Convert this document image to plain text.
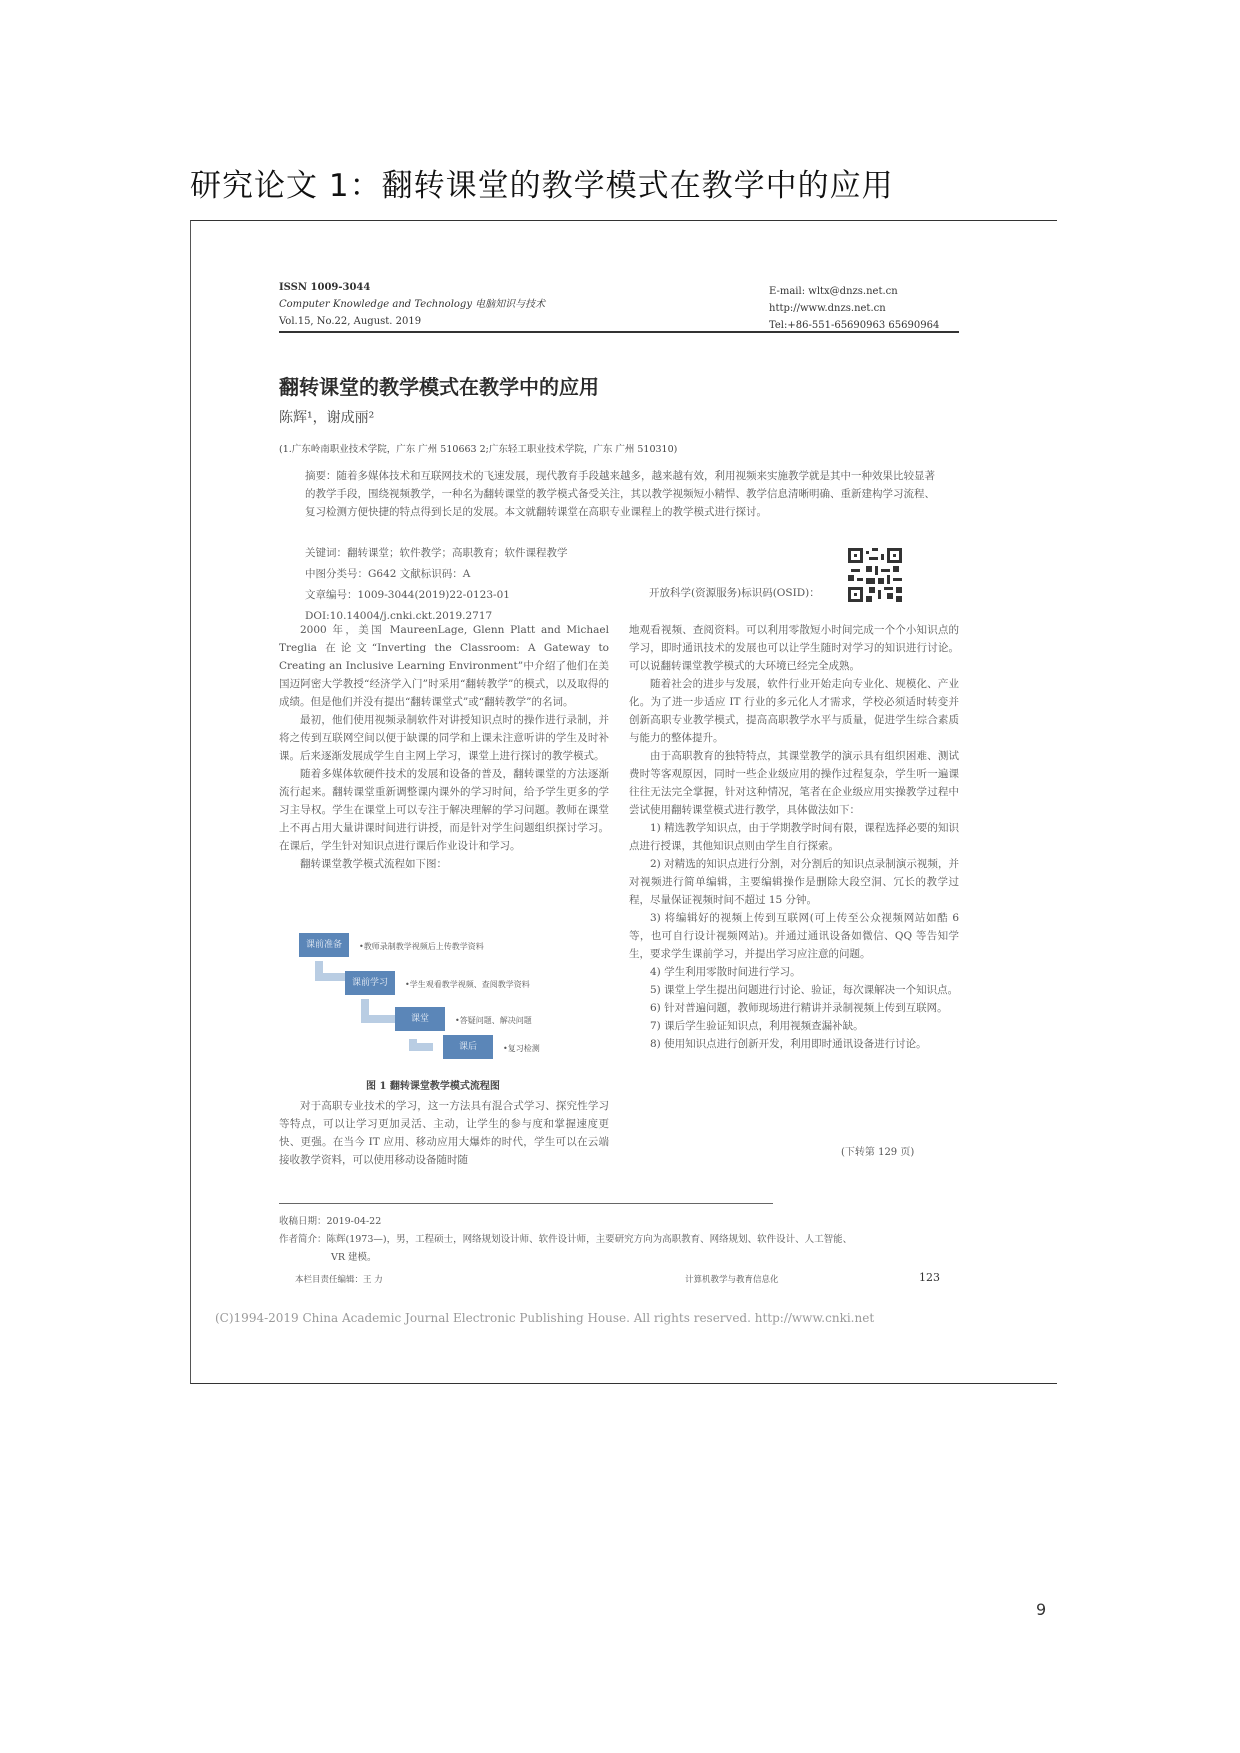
研究论文 1：翻转课堂的教学模式在教学中的应用
ISSN 1009-3044
Computer Knowledge and Technology 电脑知识与技术
Vol.15, No.22, August. 2019
E-mail: wltx@dnzs.net.cn
http://www.dnzs.net.cn
Tel:+86-551-65690963 65690964
翻转课堂的教学模式在教学中的应用
陈辉¹，谢成丽²
(1.广东岭南职业技术学院，广东 广州 510663 2;广东轻工职业技术学院，广东 广州 510310)
摘要：随着多媒体技术和互联网技术的飞速发展，现代教育手段越来越多，越来越有效，利用视频来实施教学就是其中一种效果比较显著的教学手段，围绕视频教学，一种名为翻转课堂的教学模式备受关注，其以教学视频短小精悍、教学信息清晰明确、重新建构学习流程、复习检测方便快捷的特点得到长足的发展。本文就翻转课堂在高职专业课程上的教学模式进行探讨。
关键词：翻转课堂；软件教学；高职教育；软件课程教学
中图分类号：G642 文献标识码：A
文章编号：1009-3044(2019)22-0123-01
DOI:10.14004/j.cnki.ckt.2019.2717
开放科学(资源服务)标识码(OSID)：

2000 年，美国 MaureenLage, Glenn Platt and Michael Treglia 在论文“Inverting the Classroom: A Gateway to Creating an Inclusive Learning Environment”中介绍了他们在美国迈阿密大学教授“经济学入门”时采用“翻转教学”的模式，以及取得的成绩。但是他们并没有提出“翻转课堂式”或“翻转教学”的名词。

最初，他们使用视频录制软件对讲授知识点时的操作进行录制，并将之传到互联网空间以便于缺课的同学和上课未注意听讲的学生及时补课。后来逐渐发展成学生自主网上学习，课堂上进行探讨的教学模式。

随着多媒体软硬件技术的发展和设备的普及，翻转课堂的方法逐渐流行起来。翻转课堂重新调整课内课外的学习时间，给予学生更多的学习主导权。学生在课堂上可以专注于解决理解的学习问题。教师在课堂上不再占用大量讲课时间进行讲授，而是针对学生问题组织探讨学习。在课后，学生针对知识点进行课后作业设计和学习。

翻转课堂教学模式流程如下图：

课前准备	•教师录制教学视频后上传教学资料
课前学习	•学生观看教学视频、查阅教学资料
课堂	•答疑问题、解决问题
课后	•复习检测
图 1 翻转课堂教学模式流程图

对于高职专业技术的学习，这一方法具有混合式学习、探究性学习等特点，可以让学习更加灵活、主动，让学生的参与度和掌握速度更快、更强。在当今 IT 应用、移动应用大爆炸的时代，学生可以在云端接收教学资料，可以使用移动设备随时随

地观看视频、查阅资料。可以利用零散短小时间完成一个个小知识点的学习，即时通讯技术的发展也可以让学生随时对学习的知识进行讨论。可以说翻转课堂教学模式的大环境已经完全成熟。

随着社会的进步与发展，软件行业开始走向专业化、规模化、产业化。为了进一步适应 IT 行业的多元化人才需求，学校必须适时转变并创新高职专业教学模式，提高高职教学水平与质量，促进学生综合素质与能力的整体提升。

由于高职教育的独特特点，其课堂教学的演示具有组织困难、测试费时等客观原因，同时一些企业级应用的操作过程复杂，学生听一遍课往往无法完全掌握，针对这种情况，笔者在企业级应用实操教学过程中尝试使用翻转课堂模式进行教学，具体做法如下：

1) 精选教学知识点，由于学期教学时间有限，课程选择必要的知识点进行授课，其他知识点则由学生自行探索。

2) 对精选的知识点进行分割，对分割后的知识点录制演示视频，并对视频进行简单编辑，主要编辑操作是删除大段空洞、冗长的教学过程，尽量保证视频时间不超过 15 分钟。

3) 将编辑好的视频上传到互联网(可上传至公众视频网站如酷 6 等，也可自行设计视频网站)。并通过通讯设备如微信、QQ 等告知学生，要求学生课前学习，并提出学习应注意的问题。

4) 学生利用零散时间进行学习。

5) 课堂上学生提出问题进行讨论、验证，每次课解决一个知识点。

6) 针对普遍问题，教师现场进行精讲并录制视频上传到互联网。

7) 课后学生验证知识点，利用视频查漏补缺。

8) 使用知识点进行创新开发，利用即时通讯设备进行讨论。

(下转第 129 页)
收稿日期：2019-04-22
作者简介：陈辉(1973—)，男，工程硕士，网络规划设计师、软件设计师，主要研究方向为高职教育、网络规划、软件设计、人工智能、
VR 建模。
本栏目责任编辑：王 力	计算机教学与教育信息化	123
(C)1994-2019 China Academic Journal Electronic Publishing House. All rights reserved. http://www.cnki.net
9
